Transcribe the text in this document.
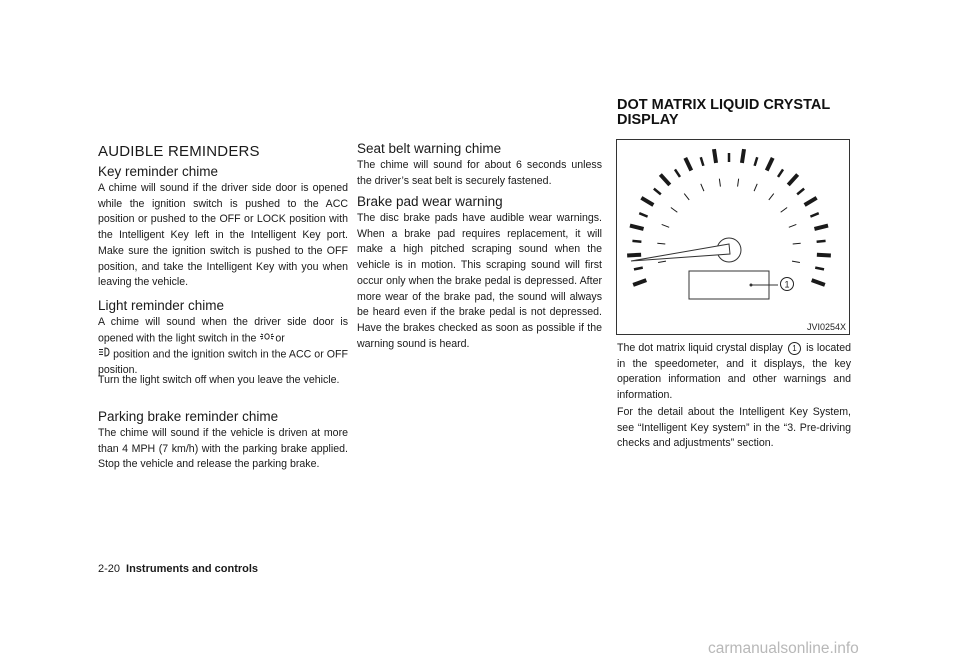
AUDIBLE REMINDERS
Key reminder chime
A chime will sound if the driver side door is opened while the ignition switch is pushed to the ACC position or pushed to the OFF or LOCK position with the Intelligent Key left in the Intelligent Key port. Make sure the ignition switch is pushed to the OFF position, and take the Intelligent Key with you when leaving the vehicle.
Light reminder chime
A chime will sound when the driver side door is opened with the light switch in the or
position and the ignition switch in the ACC or OFF position.
Turn the light switch off when you leave the vehicle.
Parking brake reminder chime
The chime will sound if the vehicle is driven at more than 4 MPH (7 km/h) with the parking brake applied. Stop the vehicle and release the parking brake.
Seat belt warning chime
The chime will sound for about 6 seconds unless the driver’s seat belt is securely fastened.
Brake pad wear warning
The disc brake pads have audible wear warnings. When a brake pad requires replacement, it will make a high pitched scraping sound when the vehicle is in motion. This scraping sound will first occur only when the brake pedal is depressed. After more wear of the brake pad, the sound will always be heard even if the brake pedal is not depressed. Have the brakes checked as soon as possible if the warning sound is heard.
DOT MATRIX LIQUID CRYSTAL
DISPLAY
1
JVI0254X
The dot matrix liquid crystal display 1 is located in the speedometer, and it displays, the key operation information and other warnings and information.
For the detail about the Intelligent Key System, see “Intelligent Key system” in the “3. Pre-driving checks and adjustments” section.
2-20 Instruments and controls
carmanualsonline.info
